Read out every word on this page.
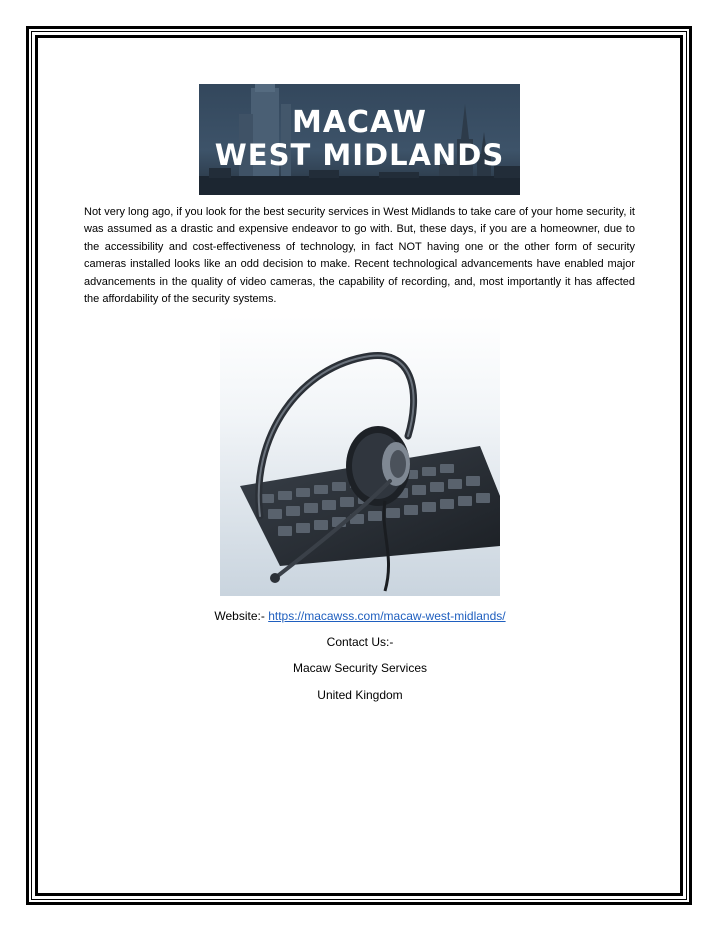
MACAW
WEST MIDLANDS

Not very long ago, if you look for the best security services in West Midlands to take care of your home security, it was assumed as a drastic and expensive endeavor to go with. But, these days, if you are a homeowner, due to the accessibility and cost-effectiveness of technology, in fact NOT having one or the other form of security cameras installed looks like an odd decision to make. Recent technological advancements have enabled major advancements in the quality of video cameras, the capability of recording, and, most importantly it has affected the affordability of the security systems.

Website:- https://macawss.com/macaw-west-midlands/
Contact Us:-
Macaw Security Services
United Kingdom
